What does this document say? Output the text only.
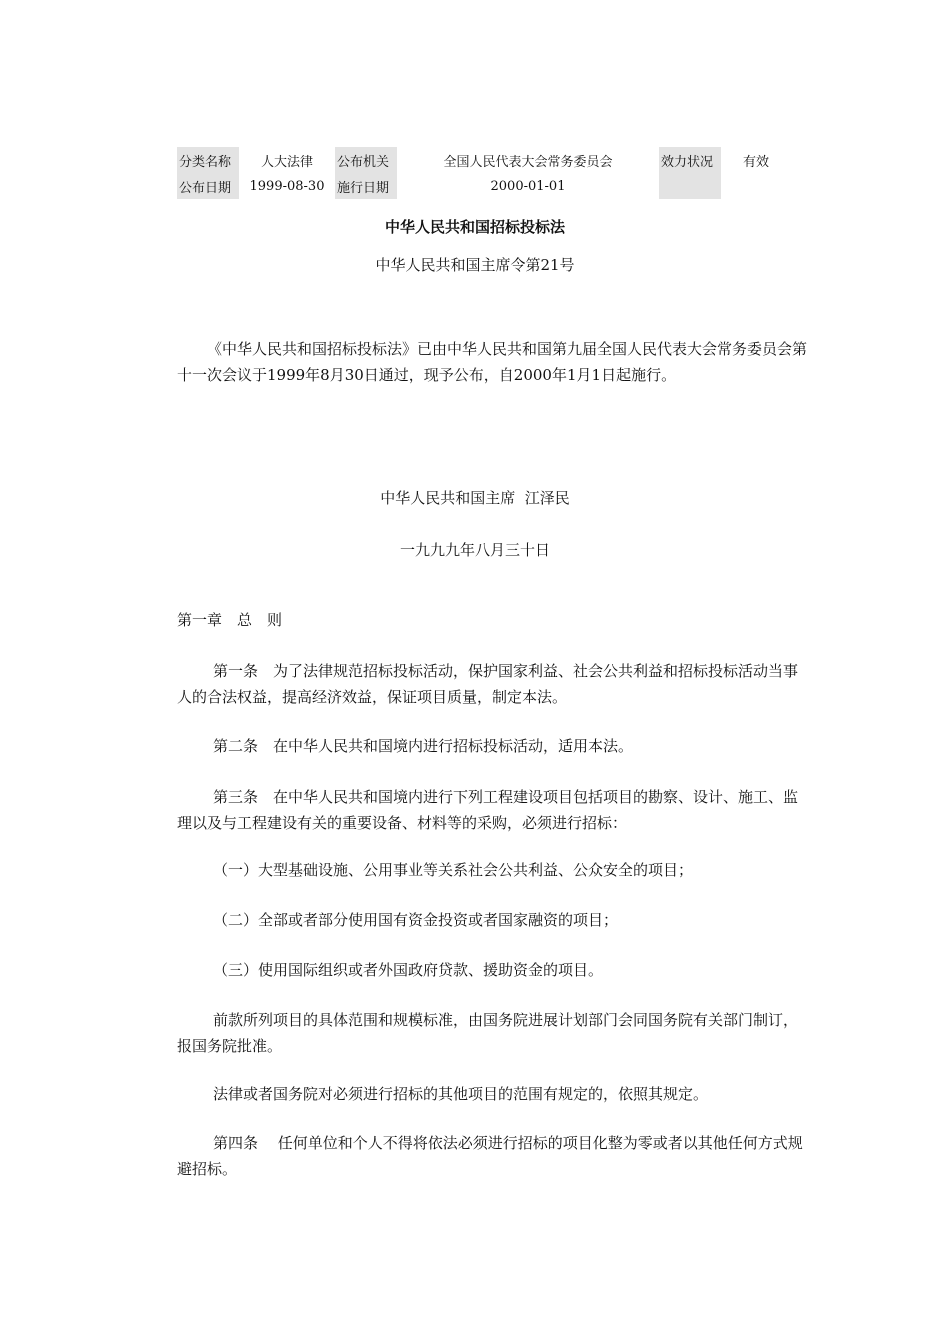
分类名称	人大法律	公布机关	全国人民代表大会常务委员会	效力状况	有效
公布日期	1999-08-30	施行日期	2000-01-01		
中华人民共和国招标投标法
中华人民共和国主席令第21号

《中华人民共和国招标投标法》已由中华人民共和国第九届全国人民代表大会常务委员会第十一次会议于1999年8月30日通过，现予公布，自2000年1月1日起施行。

中华人民共和国主席  江泽民
一九九九年八月三十日

第一章　总　则

第一条　为了法律规范招标投标活动，保护国家利益、社会公共利益和招标投标活动当事人的合法权益，提高经济效益，保证项目质量，制定本法。

第二条　在中华人民共和国境内进行招标投标活动，适用本法。

第三条　在中华人民共和国境内进行下列工程建设项目包括项目的勘察、设计、施工、监理以及与工程建设有关的重要设备、材料等的采购，必须进行招标：

（一）大型基础设施、公用事业等关系社会公共利益、公众安全的项目；

（二）全部或者部分使用国有资金投资或者国家融资的项目；

（三）使用国际组织或者外国政府贷款、援助资金的项目。

前款所列项目的具体范围和规模标准，由国务院进展计划部门会同国务院有关部门制订，报国务院批准。

法律或者国务院对必须进行招标的其他项目的范围有规定的，依照其规定。

第四条　 任何单位和个人不得将依法必须进行招标的项目化整为零或者以其他任何方式规避招标。
